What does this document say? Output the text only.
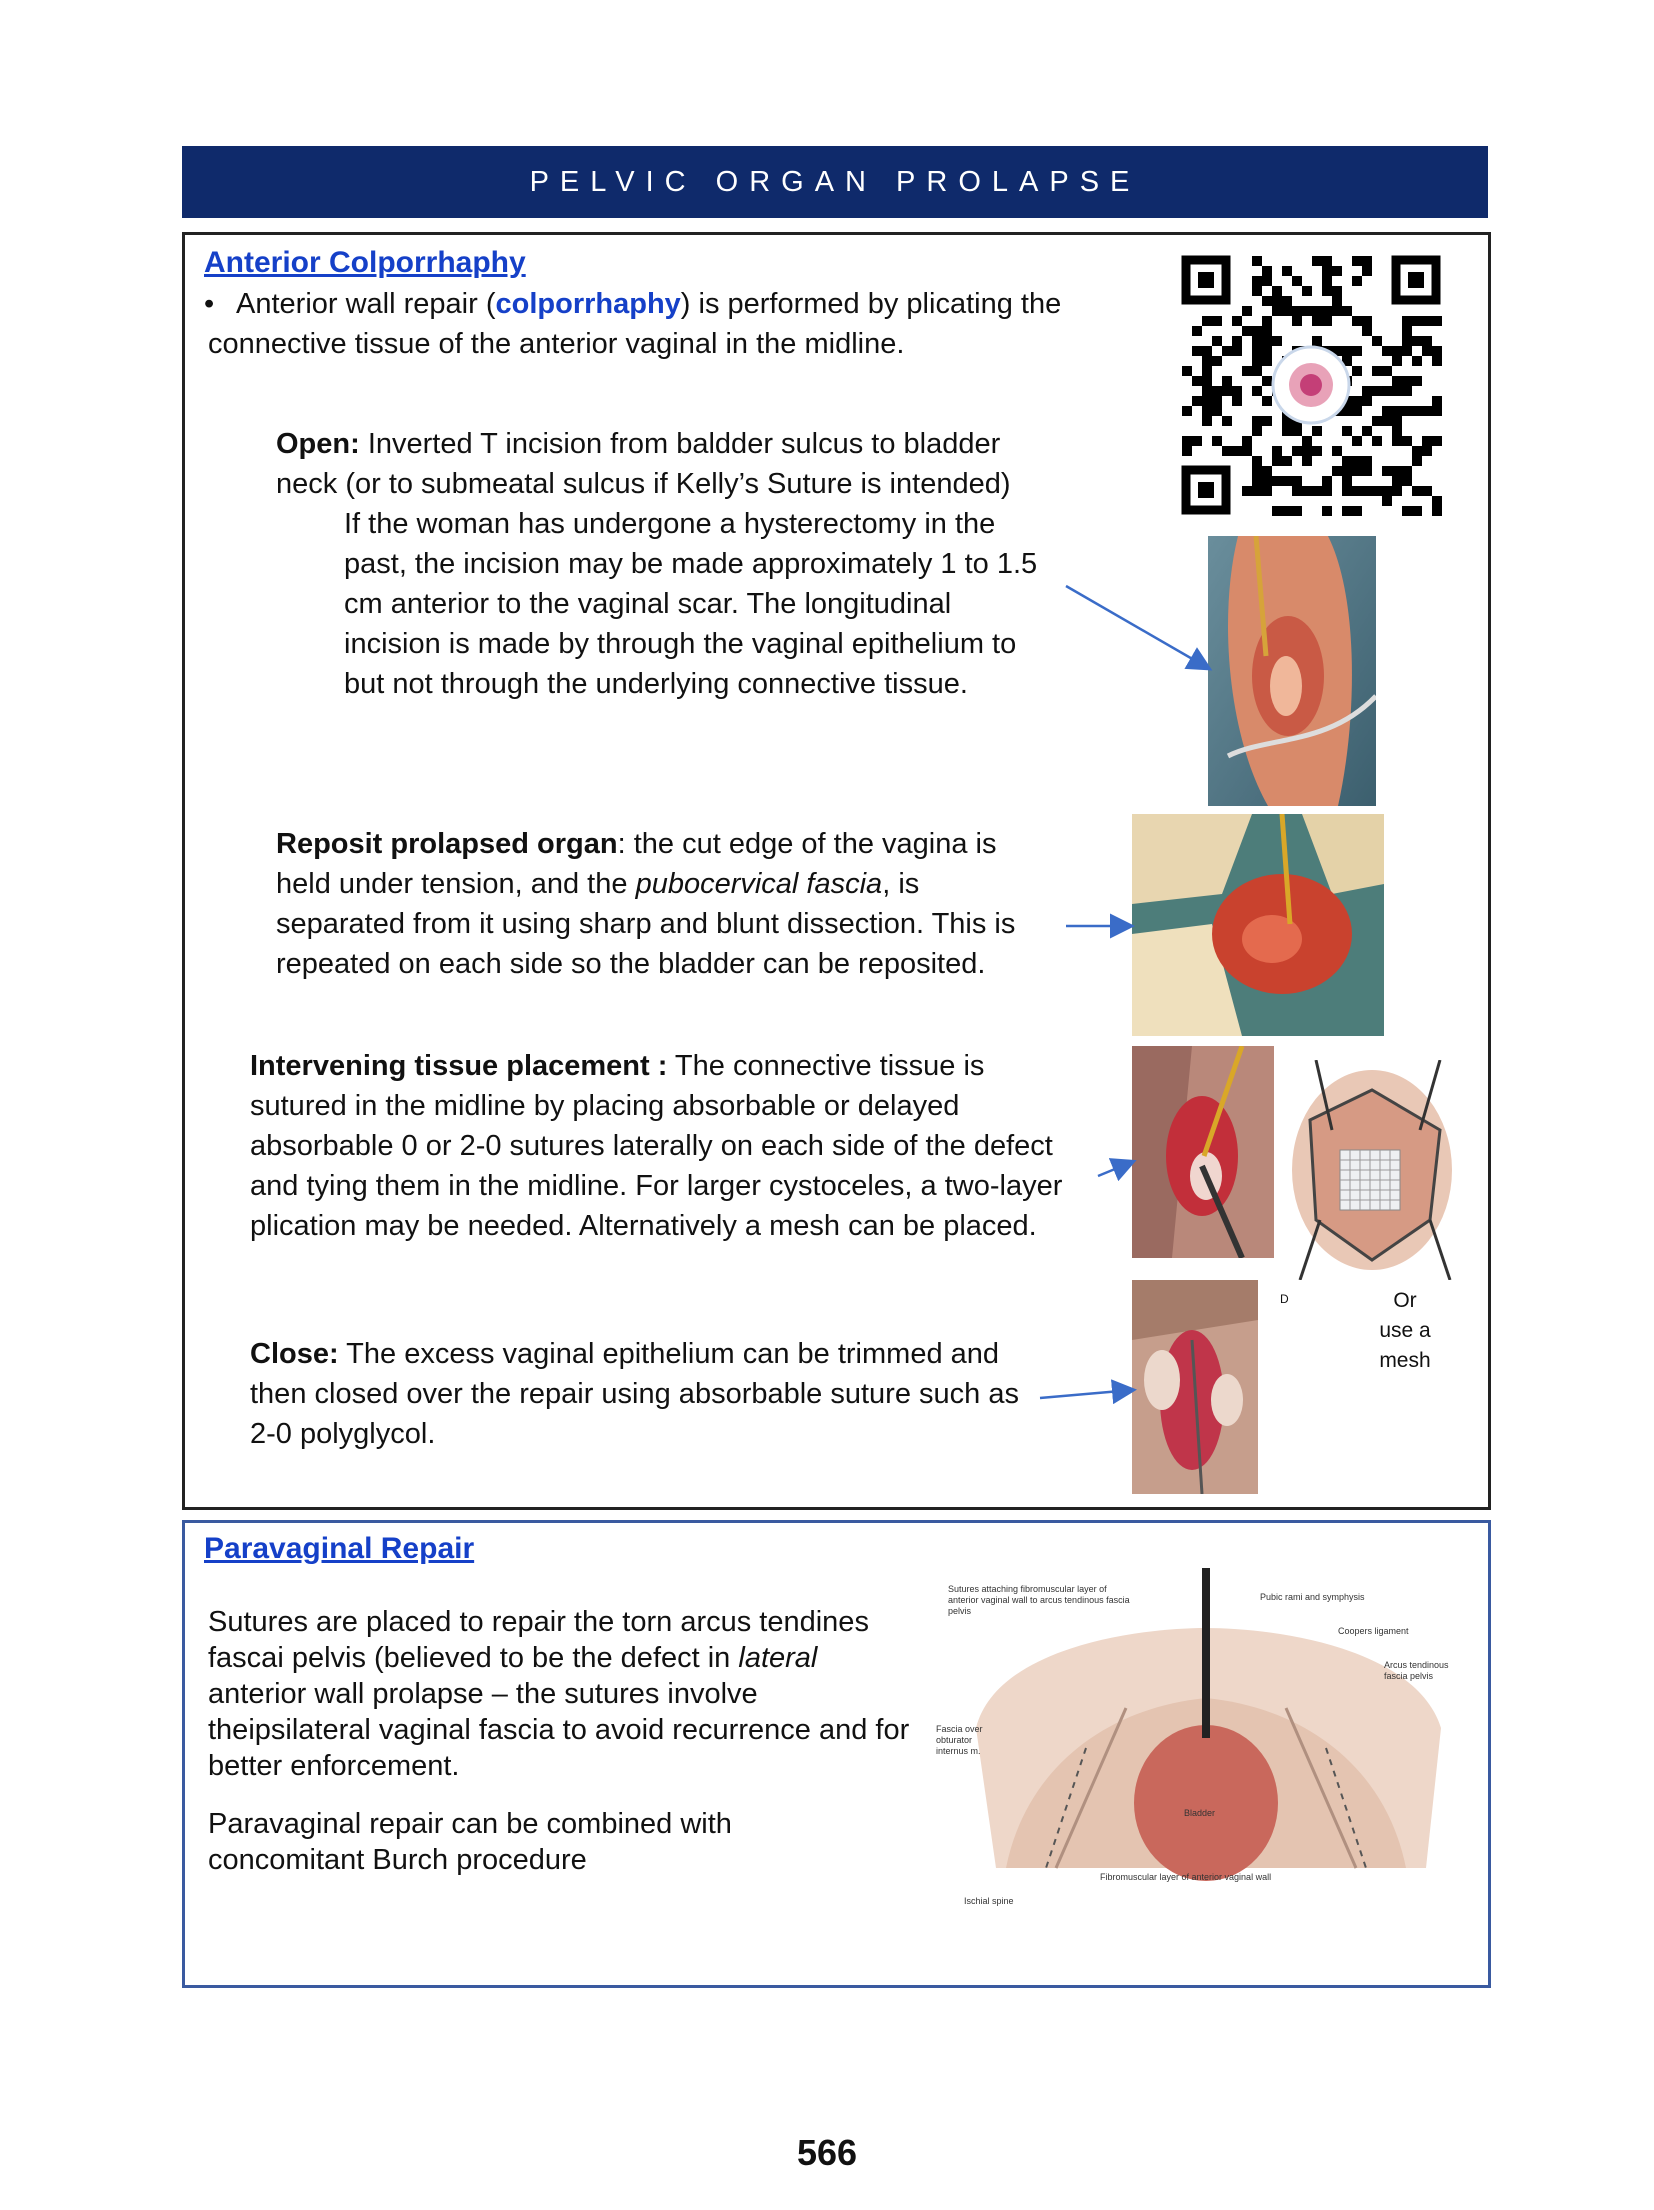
PELVIC ORGAN PROLAPSE
Anterior Colporrhaphy
• Anterior wall repair (colporrhaphy) is performed by plicating the
connective tissue of the anterior vaginal in the midline.
Open: Inverted T incision from baldder sulcus to bladder neck (or to submeatal sulcus if Kelly’s Suture is intended)
If the woman has undergone a hysterectomy in the past, the incision may be made approximately 1 to 1.5 cm anterior to the vaginal scar. The longitudinal incision is made by through the vaginal epithelium to but not through the underlying connective tissue.
Reposit prolapsed organ: the cut edge of the vagina is held under tension, and the pubocervical fascia, is separated from it using sharp and blunt dissection. This is repeated on each side so the bladder can be reposited.
Intervening tissue placement : The connective tissue is sutured in the midline by placing absorbable or delayed absorbable 0 or 2-0 sutures laterally on each side of the defect and tying them in the midline. For larger cystoceles, a two-layer plication may be needed. Alternatively a mesh can be placed.
D	Or
use a
mesh
Close: The excess vaginal epithelium can be trimmed and then closed over the repair using absorbable suture such as 2-0 polyglycol.
Paravaginal Repair
Sutures are placed to repair the torn arcus tendines fascai pelvis (believed to be the defect in lateral anterior wall prolapse – the sutures involve theipsilateral vaginal fascia to avoid recurrence and for better enforcement.
Paravaginal repair can be combined with concomitant Burch procedure
Sutures attaching fibromuscular layer of anterior vaginal wall to arcus tendinous fascia pelvis
Pubic rami and symphysis
Coopers ligament
Arcus tendinous fascia pelvis
Fascia over obturator internus m.
Bladder
Fibromuscular layer of anterior vaginal wall
Ischial spine
566
